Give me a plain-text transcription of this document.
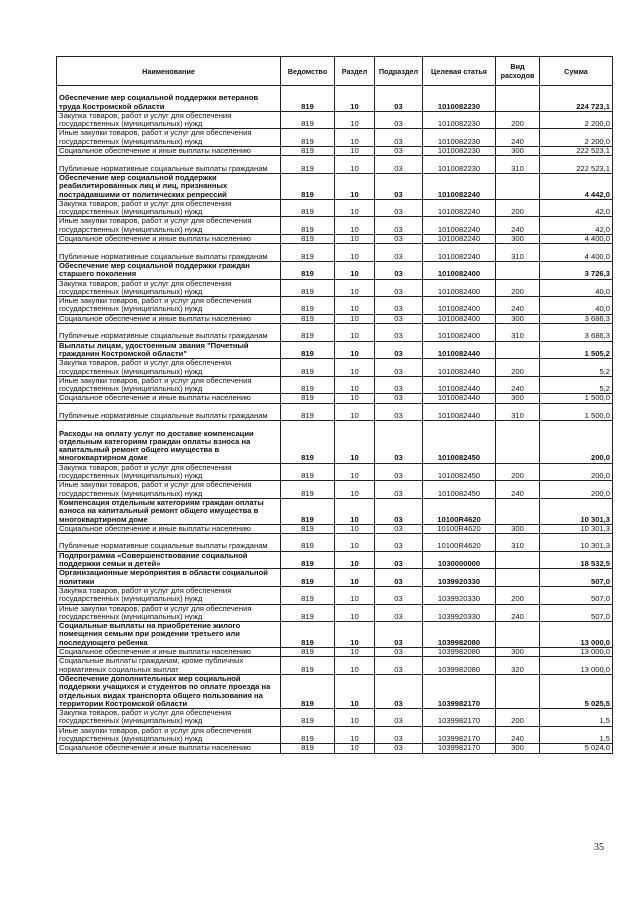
Наименование	Ведомство	Раздел	Подраздел	Целевая статья	Вид расходов	Сумма
Обеспечение мер социальной поддержки ветеранов труда Костромской области	819	10	03	1010082230		224 723,1
Закупка товаров, работ и услуг для обеспечения государственных (муниципальных) нужд	819	10	03	1010082230	200	2 200,0
Иные закупки товаров, работ и услуг для обеспечения государственных (муниципальных) нужд	819	10	03	1010082230	240	2 200,0
Социальное обеспечение и иные выплаты населению	819	10	03	1010082230	300	222 523,1
Публичные нормативные социальные выплаты гражданам	819	10	03	1010082230	310	222 523,1
Обеспечение мер социальной поддержки реабилитированных лиц и лиц, признанных пострадавшими от политических репрессий	819	10	03	1010082240		4 442,0
Закупка товаров, работ и услуг для обеспечения государственных (муниципальных) нужд	819	10	03	1010082240	200	42,0
Иные закупки товаров, работ и услуг для обеспечения государственных (муниципальных) нужд	819	10	03	1010082240	240	42,0
Социальное обеспечение и иные выплаты населению	819	10	03	1010082240	300	4 400,0
Публичные нормативные социальные выплаты гражданам	819	10	03	1010082240	310	4 400,0
Обеспечение мер социальной поддержки граждан старшего поколения	819	10	03	1010082400		3 726,3
Закупка товаров, работ и услуг для обеспечения государственных (муниципальных) нужд	819	10	03	1010082400	200	40,0
Иные закупки товаров, работ и услуг для обеспечения государственных (муниципальных) нужд	819	10	03	1010082400	240	40,0
Социальное обеспечение и иные выплаты населению	819	10	03	1010082400	300	3 686,3
Публичные нормативные социальные выплаты гражданам	819	10	03	1010082400	310	3 686,3
Выплаты лицам, удостоенным звания "Почетный гражданин Костромской области"	819	10	03	1010082440		1 505,2
Закупка товаров, работ и услуг для обеспечения государственных (муниципальных) нужд	819	10	03	1010082440	200	5,2
Иные закупки товаров, работ и услуг для обеспечения государственных (муниципальных) нужд	819	10	03	1010082440	240	5,2
Социальное обеспечение и иные выплаты населению	819	10	03	1010082440	300	1 500,0
Публичные нормативные социальные выплаты гражданам	819	10	03	1010082440	310	1 500,0
Расходы на оплату услуг по доставке компенсации отдельным категориям граждан оплаты взноса на капитальный ремонт общего имущества в многоквартирном доме	819	10	03	1010082450		200,0
Закупка товаров, работ и услуг для обеспечения государственных (муниципальных) нужд	819	10	03	1010082450	200	200,0
Иные закупки товаров, работ и услуг для обеспечения государственных (муниципальных) нужд	819	10	03	1010082450	240	200,0
Компенсация отдельным категориям граждан оплаты взноса на капитальный ремонт общего имущества в многоквартирном доме	819	10	03	10100R4620		10 301,3
Социальное обеспечение и иные выплаты населению	819	10	03	10100R4620	300	10 301,3
Публичные нормативные социальные выплаты гражданам	819	10	03	10100R4620	310	10 301,3
Подпрограмма «Совершенствование социальной поддержки семьи и детей»	819	10	03	1030000000		18 532,5
Организационные мероприятия в области социальной политики	819	10	03	1039920330		507,0
Закупка товаров, работ и услуг для обеспечения государственных (муниципальных) нужд	819	10	03	1039920330	200	507,0
Иные закупки товаров, работ и услуг для обеспечения государственных (муниципальных) нужд	819	10	03	1039920330	240	507,0
Социальные выплаты на приобретение жилого помещения семьям при рождении третьего или последующего ребенка	819	10	03	1039982080		13 000,0
Социальное обеспечение и иные выплаты населению	819	10	03	1039982080	300	13 000,0
Социальные выплаты гражданам, кроме публичных нормативных социальных выплат	819	10	03	1039982080	320	13 000,0
Обеспечение дополнительных мер социальной поддержки учащихся и студентов по оплате проезда на отдельных видах транспорта общего пользования на территории Костромской области	819	10	03	1039982170		5 025,5
Закупка товаров, работ и услуг для обеспечения государственных (муниципальных) нужд	819	10	03	1039982170	200	1,5
Иные закупки товаров, работ и услуг для обеспечения государственных (муниципальных) нужд	819	10	03	1039982170	240	1,5
Социальное обеспечение и иные выплаты населению	819	10	03	1039982170	300	5 024,0
35
